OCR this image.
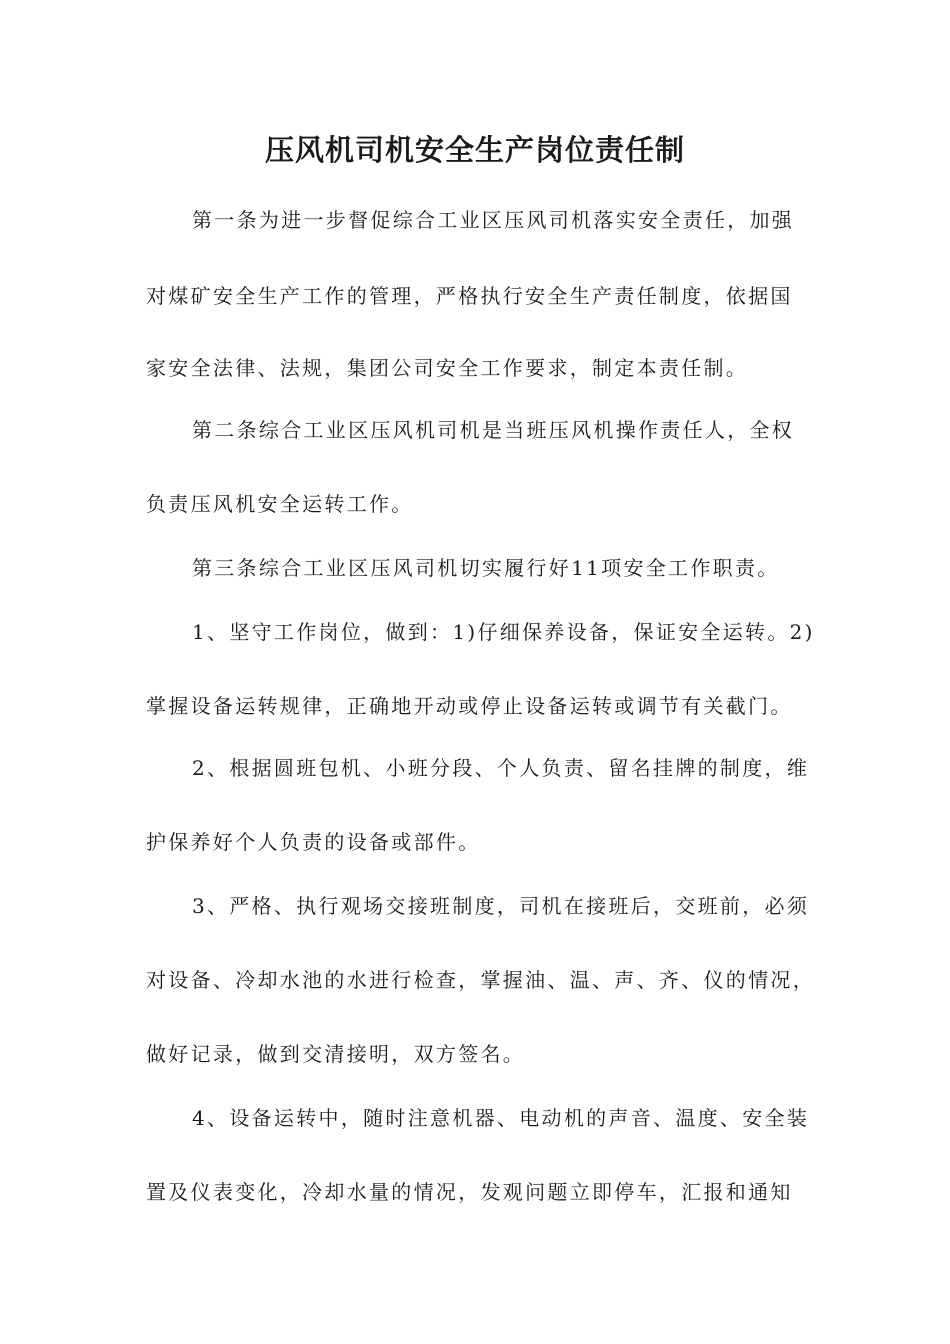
压风机司机安全生产岗位责任制
第一条为进一步督促综合工业区压风司机落实安全责任，加强
对煤矿安全生产工作的管理，严格执行安全生产责任制度，依据国
家安全法律、法规，集团公司安全工作要求，制定本责任制。
第二条综合工业区压风机司机是当班压风机操作责任人，全权
负责压风机安全运转工作。
第三条综合工业区压风司机切实履行好11项安全工作职责。
1、坚守工作岗位，做到：1)仔细保养设备，保证安全运转。2)
掌握设备运转规律，正确地开动或停止设备运转或调节有关截门。
2、根据圆班包机、小班分段、个人负责、留名挂牌的制度，维
护保养好个人负责的设备或部件。
3、严格、执行观场交接班制度，司机在接班后，交班前，必须
对设备、冷却水池的水进行检查，掌握油、温、声、齐、仪的情况，
做好记录，做到交清接明，双方签名。
4、设备运转中，随时注意机器、电动机的声音、温度、安全装
置及仪表变化，冷却水量的情况，发观问题立即停车，汇报和通知
